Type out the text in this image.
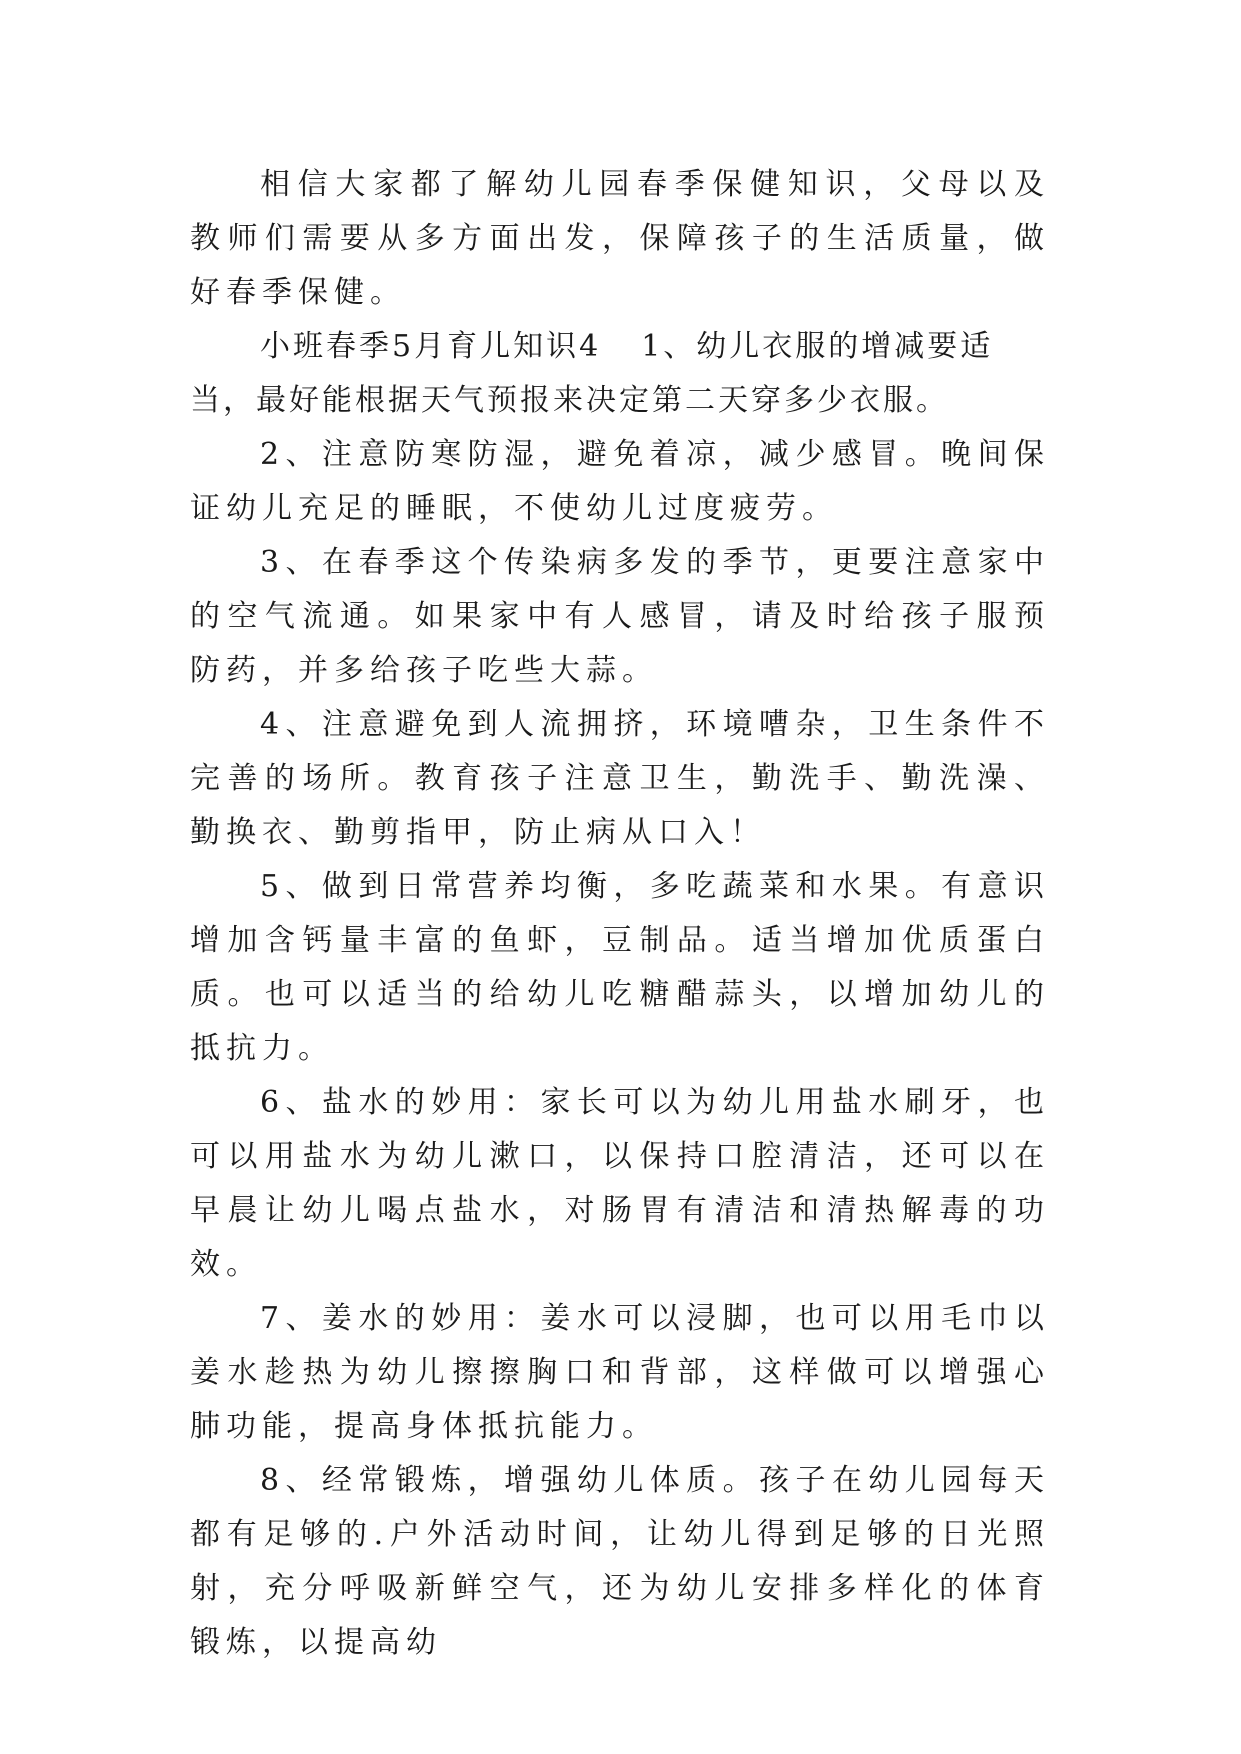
相信大家都了解幼儿园春季保健知识，父母以及教师们需要从多方面出发，保障孩子的生活质量，做好春季保健。

小班春季5月育儿知识4 1、幼儿衣服的增减要适当，最好能根据天气预报来决定第二天穿多少衣服。

2、注意防寒防湿，避免着凉，减少感冒。晚间保证幼儿充足的睡眠，不使幼儿过度疲劳。

3、在春季这个传染病多发的季节，更要注意家中的空气流通。如果家中有人感冒，请及时给孩子服预防药，并多给孩子吃些大蒜。

4、注意避免到人流拥挤，环境嘈杂，卫生条件不完善的场所。教育孩子注意卫生，勤洗手、勤洗澡、勤换衣、勤剪指甲，防止病从口入！

5、做到日常营养均衡，多吃蔬菜和水果。有意识增加含钙量丰富的鱼虾，豆制品。适当增加优质蛋白质。也可以适当的给幼儿吃糖醋蒜头，以增加幼儿的抵抗力。

6、盐水的妙用：家长可以为幼儿用盐水刷牙，也可以用盐水为幼儿漱口，以保持口腔清洁，还可以在早晨让幼儿喝点盐水，对肠胃有清洁和清热解毒的功效。

7、姜水的妙用：姜水可以浸脚，也可以用毛巾以姜水趁热为幼儿擦擦胸口和背部，这样做可以增强心肺功能，提高身体抵抗能力。

8、经常锻炼，增强幼儿体质。孩子在幼儿园每天都有足够的.户外活动时间，让幼儿得到足够的日光照射，充分呼吸新鲜空气，还为幼儿安排多样化的体育锻炼，以提高幼
